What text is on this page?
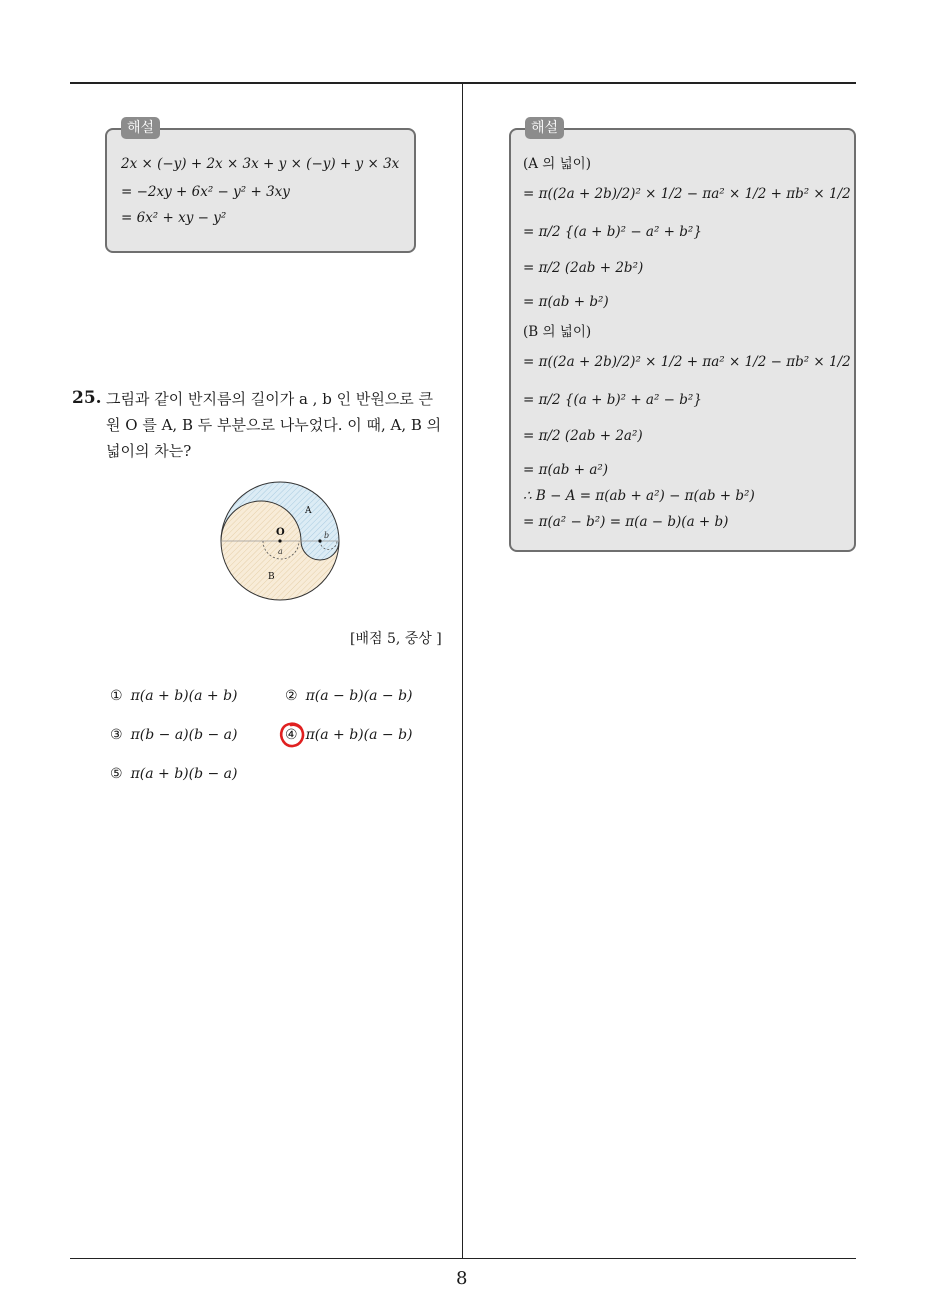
해설
2x × (−y) + 2x × 3x + y × (−y) + y × 3x
= −2xy + 6x² − y² + 3xy
= 6x² + xy − y²
25. 그림과 같이 반지름의 길이가 a , b 인 반원으로 큰
원 O 를 A, B 두 부분으로 나누었다. 이 때, A, B 의
넓이의 차는?
O
A
B
a
b
[배점 5, 중상 ]
① π(a + b)(a + b)	② π(a − b)(a − b)
③ π(b − a)(b − a)	④ π(a + b)(a − b)
⑤ π(a + b)(b − a)
해설
(A 의 넓이)
= π((2a + 2b)/2)² × 1/2 − πa² × 1/2 + πb² × 1/2
= π/2 {(a + b)² − a² + b²}
= π/2 (2ab + 2b²)
= π(ab + b²)
(B 의 넓이)
= π((2a + 2b)/2)² × 1/2 + πa² × 1/2 − πb² × 1/2
= π/2 {(a + b)² + a² − b²}
= π/2 (2ab + 2a²)
= π(ab + a²)
∴ B − A = π(ab + a²) − π(ab + b²)
= π(a² − b²) = π(a − b)(a + b)
8
